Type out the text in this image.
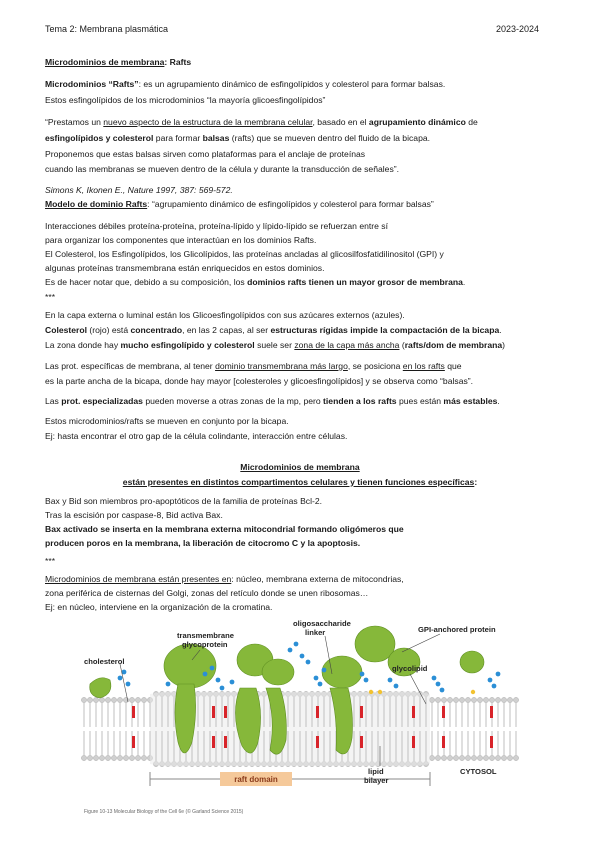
Tema 2: Membrana plasmática	2023-2024
Microdominios de membrana: Rafts
Microdominios “Rafts”: es un agrupamiento dinámico de esfingolípidos y colesterol para formar balsas.
Estos esfingolípidos de los microdominios “la mayoría glicoesfingolípidos”
“Prestamos un nuevo aspecto de la estructura de la membrana celular, basado en el agrupamiento dinámico de
esfingolípidos y colesterol para formar balsas (rafts) que se mueven dentro del fluido de la bicapa.
Proponemos que estas balsas sirven como plataformas para el anclaje de proteínas
cuando las membranas se mueven dentro de la célula y durante la transducción de señales”.
Simons K, Ikonen E., Nature 1997, 387: 569-572.
Modelo de dominio Rafts: “agrupamiento dinámico de esfingolípidos y colesterol para formar balsas”
Interacciones débiles proteína-proteína, proteína-lípido y lípido-lípido se refuerzan entre sí
para organizar los componentes que interactúan en los dominios Rafts.
El Colesterol, los Esfingolípidos, los Glicolípidos, las proteínas ancladas al glicosilfosfatidilinositol (GPI) y
algunas proteínas transmembrana están enriquecidos en estos dominios.
Es de hacer notar que, debido a su composición, los dominios rafts tienen un mayor grosor de membrana.
***
En la capa externa o luminal están los Glicoesfingolípidos con sus azúcares externos (azules).
Colesterol (rojo) está concentrado, en las 2 capas, al ser estructuras rígidas impide la compactación de la bicapa.
La zona donde hay mucho esfingolípido y colesterol suele ser zona de la capa más ancha (rafts/dom de membrana)
Las prot. específicas de membrana, al tener dominio transmembrana más largo, se posiciona en los rafts que
es la parte ancha de la bicapa, donde hay mayor [colesteroles y glicoesfingolípidos] y se observa como “balsas”.
Las prot. especializadas pueden moverse a otras zonas de la mp, pero tienden a los rafts pues están más estables.
Estos microdominios/rafts se mueven en conjunto por la bicapa.
Ej: hasta encontrar el otro gap de la célula colindante, interacción entre células.
Microdominios de membrana
están presentes en distintos compartimentos celulares y tienen funciones específicas:
Bax y Bid son miembros pro-apoptóticos de la familia de proteínas Bcl-2.
Tras la escisión por caspase-8, Bid activa Bax.
Bax activado se inserta en la membrana externa mitocondrial formando oligómeros que
producen poros en la membrana, la liberación de citocromo C y la apoptosis.
***
Microdominios de membrana están presentes en: núcleo, membrana externa de mitocondrias,
zona periférica de cisternas del Golgi, zonas del retículo donde se unen ribosomas…
Ej: en núcleo, interviene en la organización de la cromatina.
raft domain
transmembrane
glycoprotein
oligosaccharide
linker	GPI-anchored protein
glycolipid
cholesterol
lipid
bilayer
CYTOSOL
Figure 10-13 Molecular Biology of the Cell 6e (© Garland Science 2015)
